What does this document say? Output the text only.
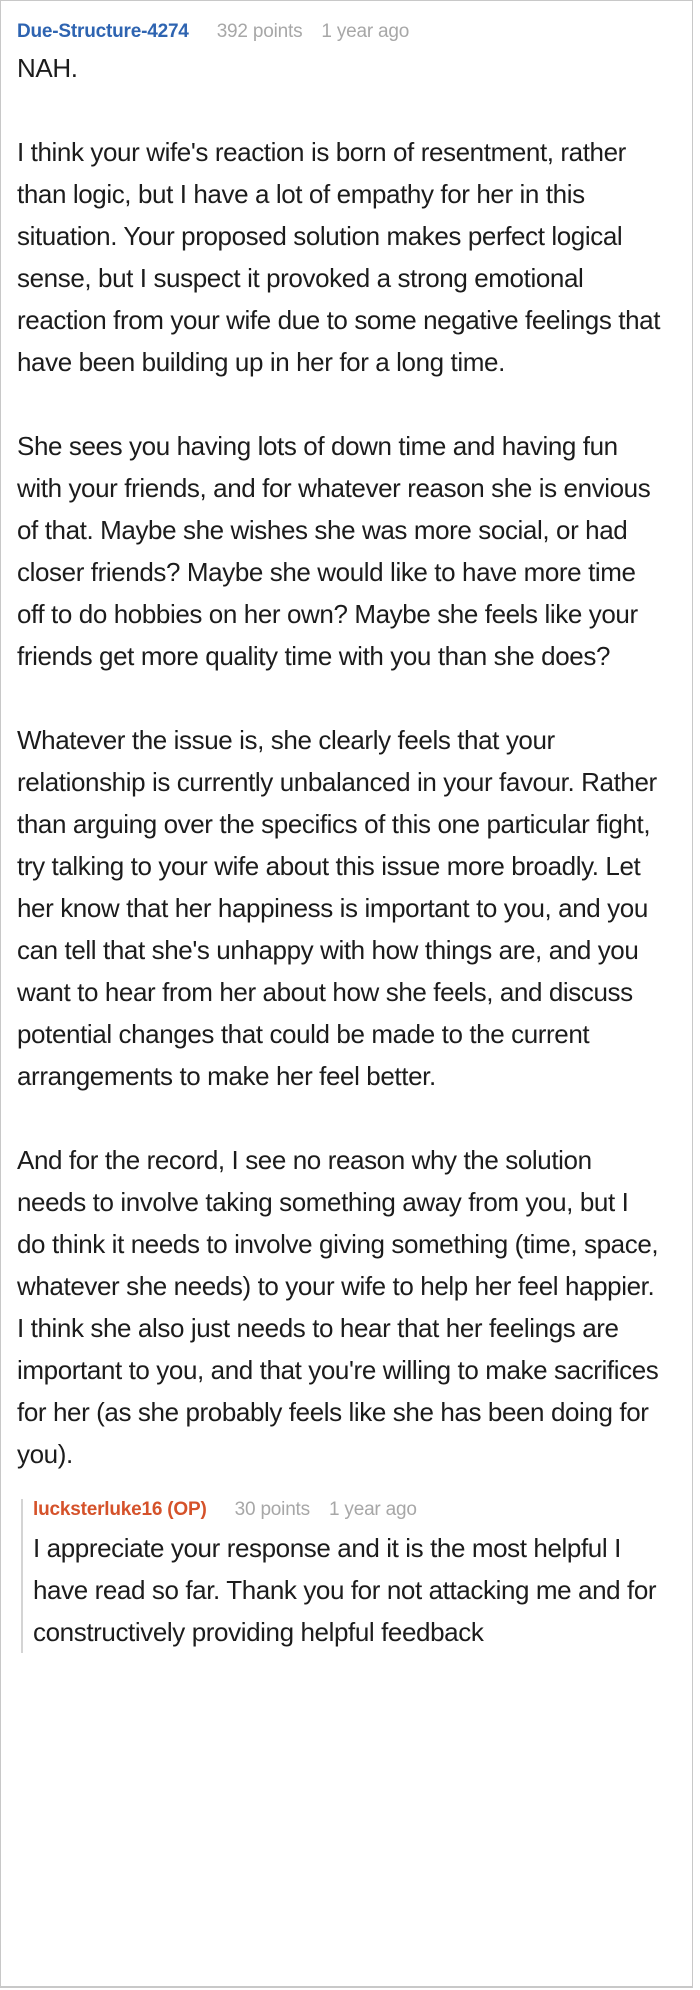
Due-Structure-4274 392 points 1 year ago

NAH.

I think your wife's reaction is born of resentment, rather than logic, but I have a lot of empathy for her in this situation. Your proposed solution makes perfect logical sense, but I suspect it provoked a strong emotional reaction from your wife due to some negative feelings that have been building up in her for a long time.

She sees you having lots of down time and having fun with your friends, and for whatever reason she is envious of that. Maybe she wishes she was more social, or had closer friends? Maybe she would like to have more time off to do hobbies on her own? Maybe she feels like your friends get more quality time with you than she does?

Whatever the issue is, she clearly feels that your relationship is currently unbalanced in your favour. Rather than arguing over the specifics of this one particular fight, try talking to your wife about this issue more broadly. Let her know that her happiness is important to you, and you can tell that she's unhappy with how things are, and you want to hear from her about how she feels, and discuss potential changes that could be made to the current arrangements to make her feel better.

And for the record, I see no reason why the solution needs to involve taking something away from you, but I do think it needs to involve giving something (time, space, whatever she needs) to your wife to help her feel happier. I think she also just needs to hear that her feelings are important to you, and that you're willing to make sacrifices for her (as she probably feels like she has been doing for you).

lucksterluke16 (OP) 30 points 1 year ago

I appreciate your response and it is the most helpful I have read so far. Thank you for not attacking me and for constructively providing helpful feedback
